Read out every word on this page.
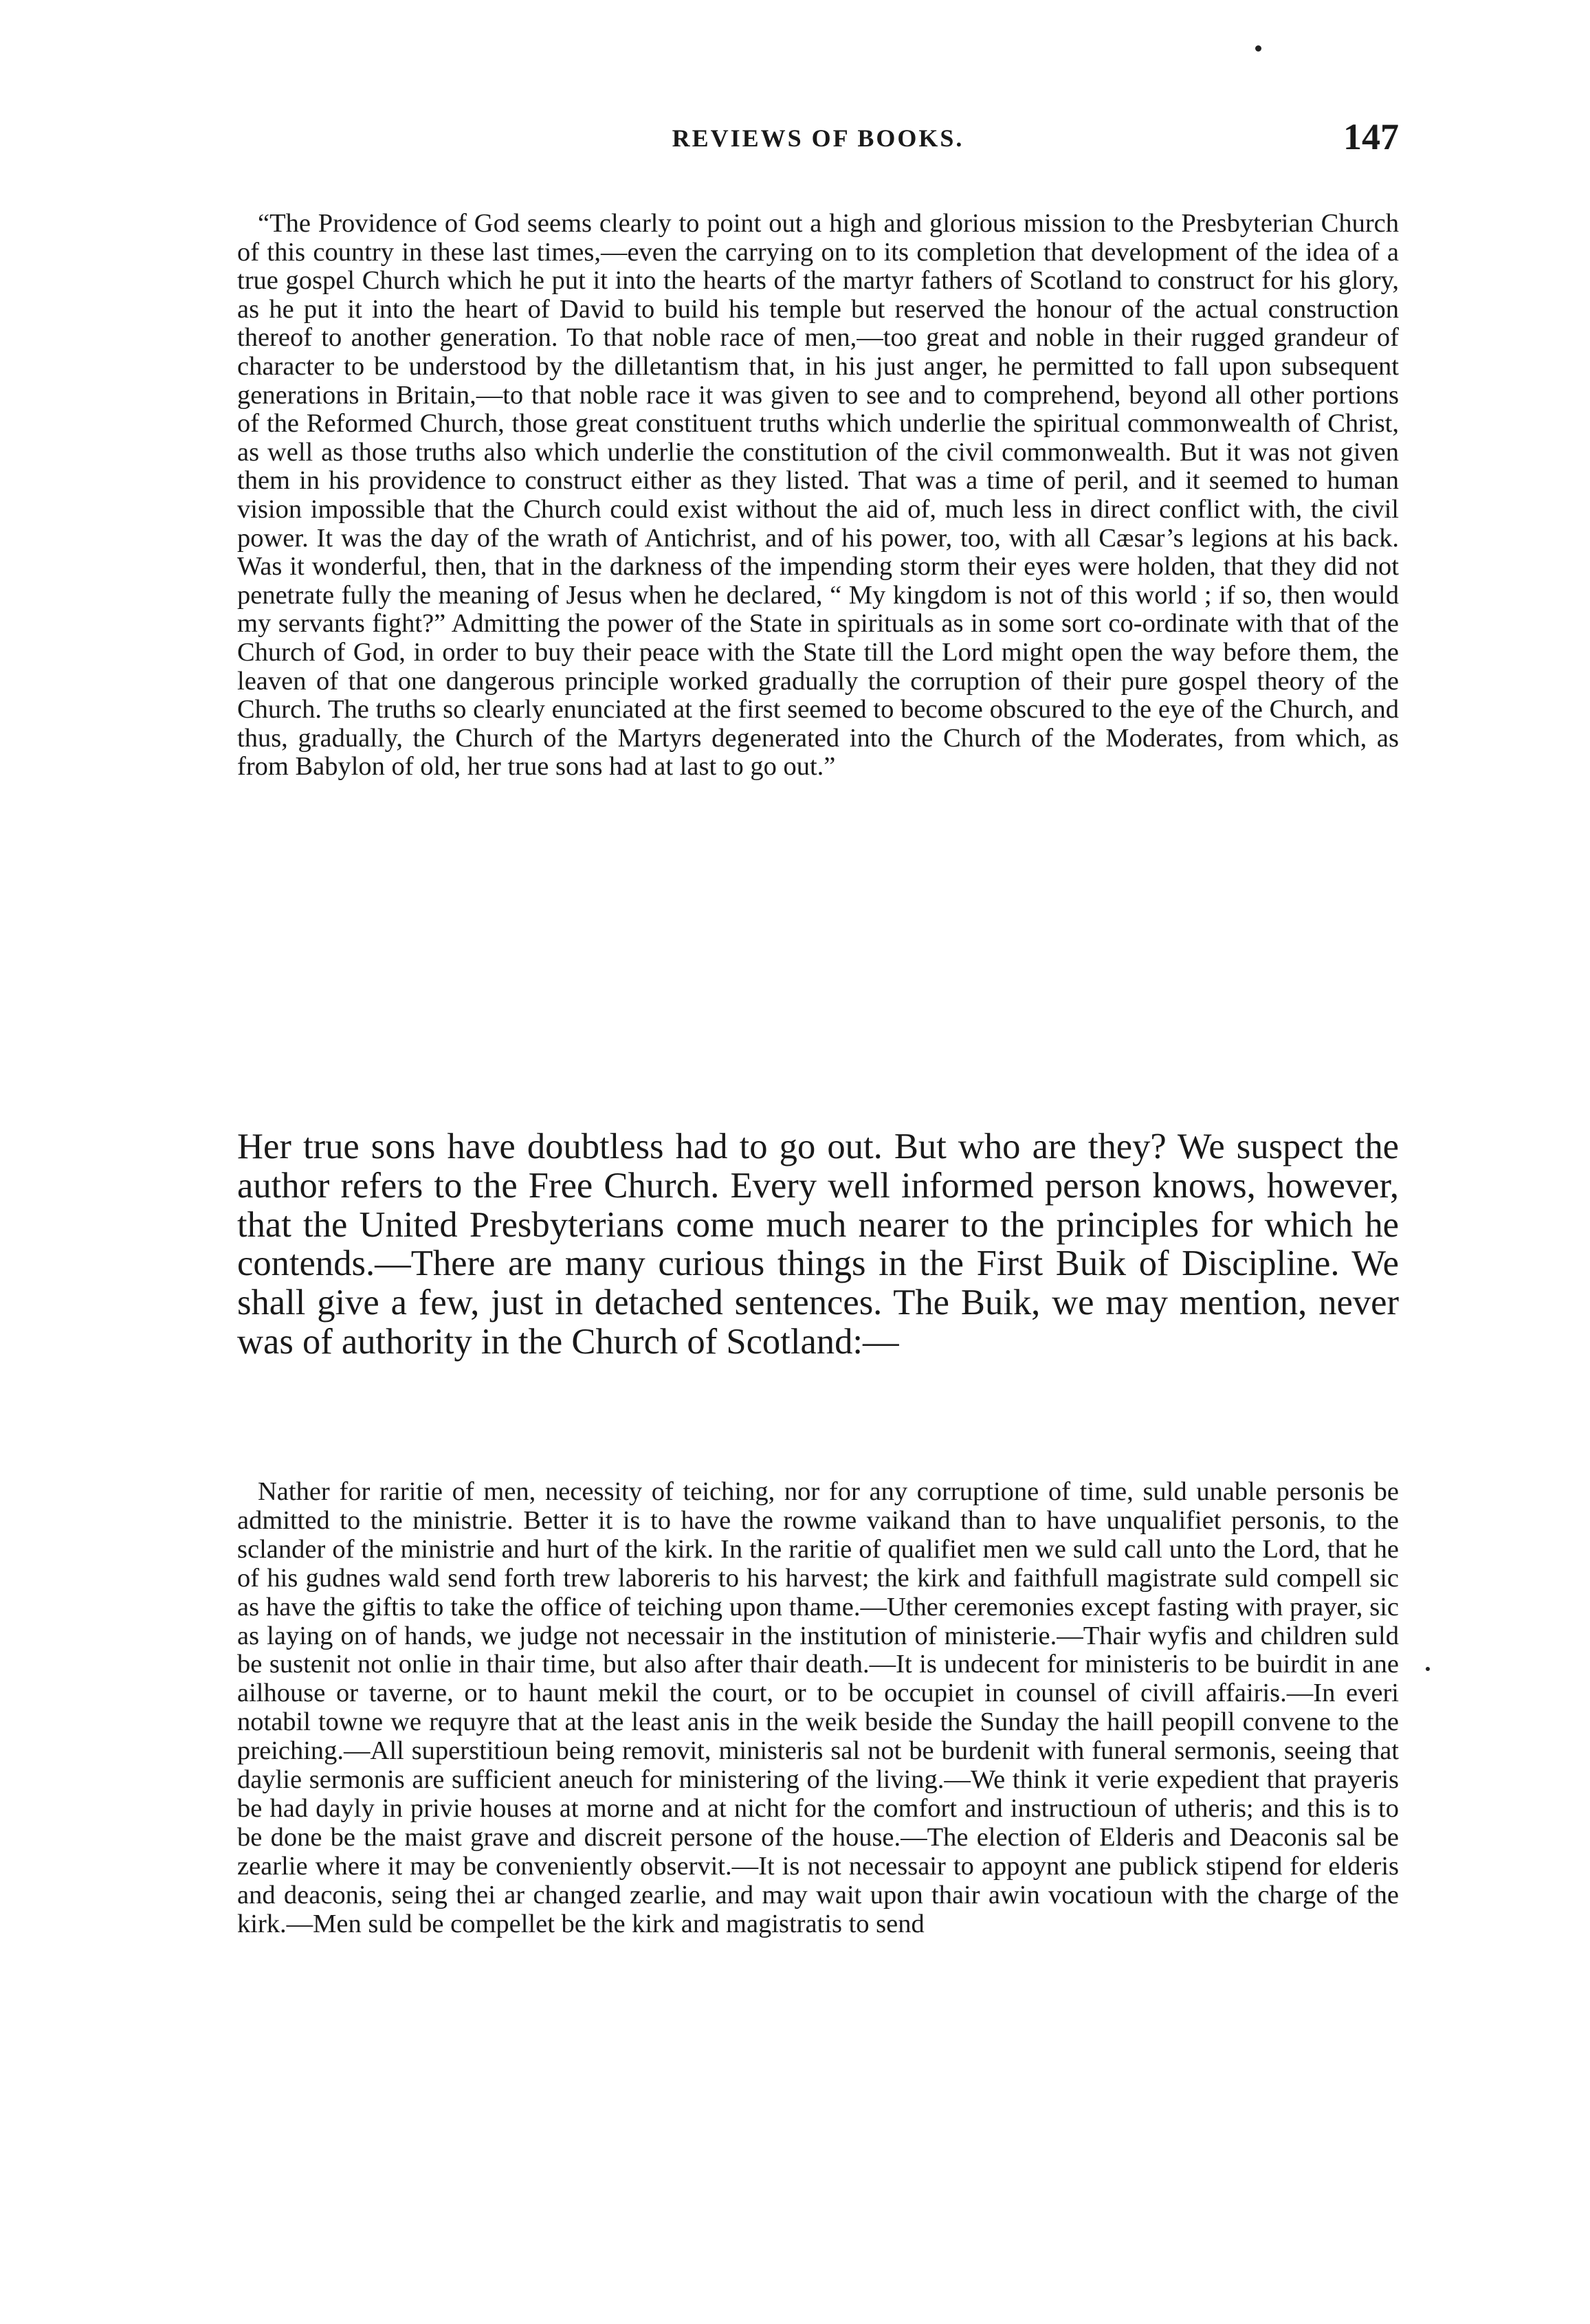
REVIEWS OF BOOKS.	147

“The Providence of God seems clearly to point out a high and glorious mission to the Presbyterian Church of this country in these last times,—even the carrying on to its completion that development of the idea of a true gospel Church which he put it into the hearts of the martyr fathers of Scotland to construct for his glory, as he put it into the heart of David to build his temple but reserved the honour of the actual construction thereof to another generation. To that noble race of men,—too great and noble in their rugged grandeur of character to be understood by the dilletantism that, in his just anger, he permitted to fall upon subsequent generations in Britain,—to that noble race it was given to see and to comprehend, beyond all other portions of the Reformed Church, those great constituent truths which underlie the spiritual commonwealth of Christ, as well as those truths also which underlie the constitution of the civil commonwealth. But it was not given them in his providence to construct either as they listed. That was a time of peril, and it seemed to human vision impossible that the Church could exist without the aid of, much less in direct conflict with, the civil power. It was the day of the wrath of Antichrist, and of his power, too, with all Cæsar’s legions at his back. Was it wonderful, then, that in the darkness of the impending storm their eyes were holden, that they did not penetrate fully the meaning of Jesus when he declared, “ My kingdom is not of this world ; if so, then would my servants fight?” Admitting the power of the State in spirituals as in some sort co-ordinate with that of the Church of God, in order to buy their peace with the State till the Lord might open the way before them, the leaven of that one dangerous principle worked gradually the corruption of their pure gospel theory of the Church. The truths so clearly enunciated at the first seemed to become obscured to the eye of the Church, and thus, gradually, the Church of the Martyrs degenerated into the Church of the Moderates, from which, as from Babylon of old, her true sons had at last to go out.”

Her true sons have doubtless had to go out. But who are they? We suspect the author refers to the Free Church. Every well informed person knows, however, that the United Presbyterians come much nearer to the principles for which he contends.—There are many curious things in the First Buik of Discipline. We shall give a few, just in detached sentences. The Buik, we may mention, never was of authority in the Church of Scotland:—

Nather for raritie of men, necessity of teiching, nor for any corruptione of time, suld unable personis be admitted to the ministrie. Better it is to have the rowme vaikand than to have unqualifiet personis, to the sclander of the ministrie and hurt of the kirk. In the raritie of qualifiet men we suld call unto the Lord, that he of his gudnes wald send forth trew laboreris to his harvest; the kirk and faithfull magistrate suld compell sic as have the giftis to take the office of teiching upon thame.—Uther ceremonies except fasting with prayer, sic as laying on of hands, we judge not necessair in the institution of ministerie.—Thair wyfis and children suld be sustenit not onlie in thair time, but also after thair death.—It is undecent for ministeris to be buirdit in ane ailhouse or taverne, or to haunt mekil the court, or to be occupiet in counsel of civill affairis.—In everi notabil towne we requyre that at the least anis in the weik beside the Sunday the haill peopill convene to the preiching.—All superstitioun being removit, ministeris sal not be burdenit with funeral sermonis, seeing that daylie sermonis are sufficient aneuch for ministering of the living.—We think it verie expedient that prayeris be had dayly in privie houses at morne and at nicht for the comfort and instructioun of utheris; and this is to be done be the maist grave and discreit persone of the house.—The election of Elderis and Deaconis sal be zearlie where it may be conveniently observit.—It is not necessair to appoynt ane publick stipend for elderis and deaconis, seing thei ar changed zearlie, and may wait upon thair awin vocatioun with the charge of the kirk.—Men suld be compellet be the kirk and magistratis to send
